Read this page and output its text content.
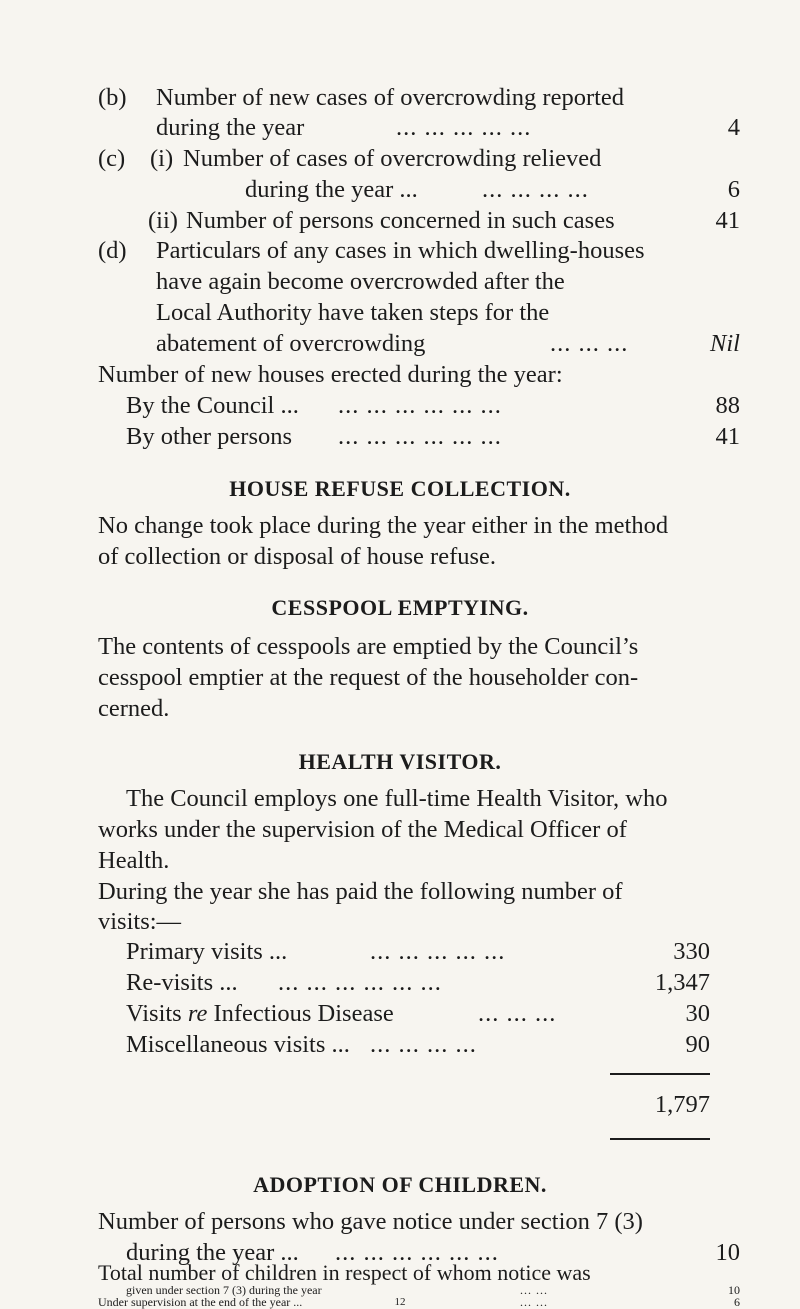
(b) Number of new cases of overcrowding reported
during the year	... ... ... ... ...	4
(c) (i) Number of cases of overcrowding relieved
during the year ...	... ... ... ...	6
(ii) Number of persons concerned in such cases	41
(d) Particulars of any cases in which dwelling-houses
have again become overcrowded after the
Local Authority have taken steps for the
abatement of overcrowding	... ... ...	Nil
Number of new houses erected during the year:
By the Council ... ... ... ... ... ... ...	88
By other persons ... ... ... ... ... ...	41
HOUSE REFUSE COLLECTION.
No change took place during the year either in the method
of collection or disposal of house refuse.
CESSPOOL EMPTYING.
The contents of cesspools are emptied by the Council’s
cesspool emptier at the request of the householder con-
cerned.
HEALTH VISITOR.
The Council employs one full-time Health Visitor, who
works under the supervision of the Medical Officer of
Health.
During the year she has paid the following number of
visits:—
Primary visits ...	... ... ... ... ...	330
Re-visits ... ... ... ... ... ... ...	1,347
Visits re Infectious Disease	... ... ...	30
Miscellaneous visits ... ... ... ... ...	90
1,797
ADOPTION OF CHILDREN.
Number of persons who gave notice under section 7 (3)
during the year ... ... ... ... ... ... ...	10
Total number of children in respect of whom notice was
given under section 7 (3) during the year	... ...	10
Under supervision at the end of the year ...	... ...	6
12
